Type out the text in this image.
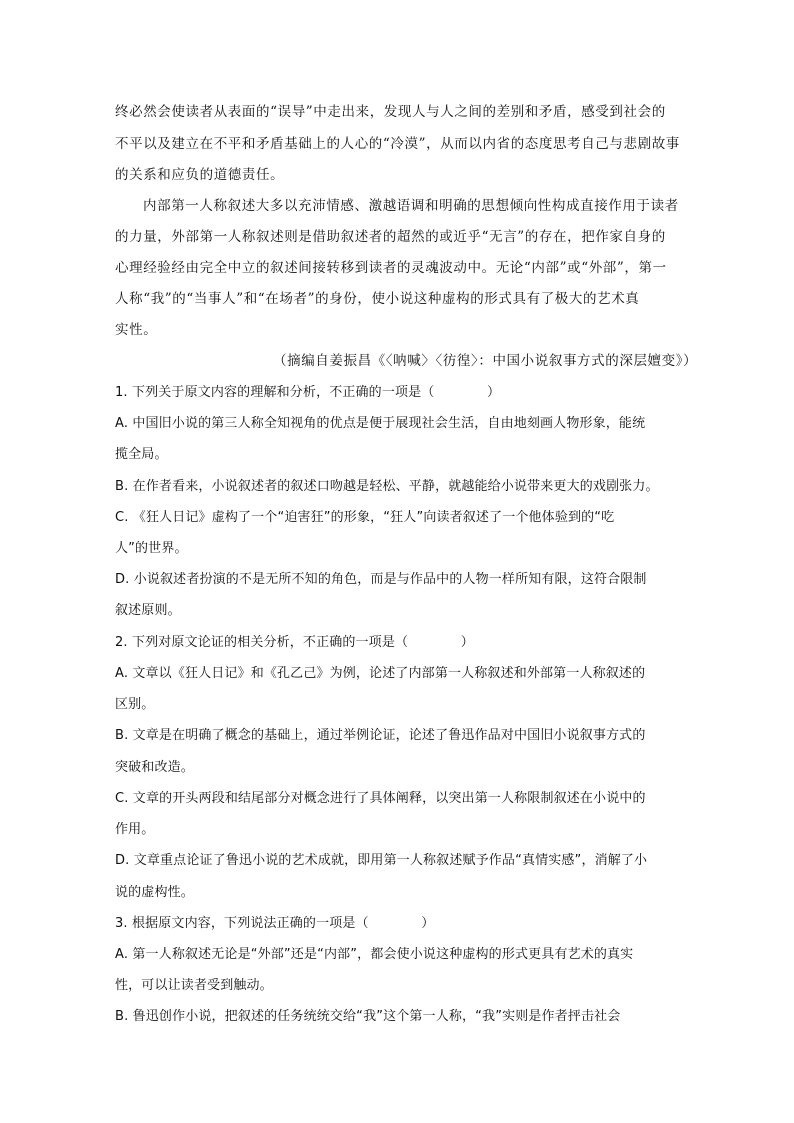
终必然会使读者从表面的“误导”中走出来，发现人与人之间的差别和矛盾，感受到社会的
不平以及建立在不平和矛盾基础上的人心的“冷漠”，从而以内省的态度思考自己与悲剧故事
的关系和应负的道德责任。
内部第一人称叙述大多以充沛情感、激越语调和明确的思想倾向性构成直接作用于读者
的力量，外部第一人称叙述则是借助叙述者的超然的或近乎“无言”的存在，把作家自身的
心理经验经由完全中立的叙述间接转移到读者的灵魂波动中。无论“内部”或“外部”，第一
人称“我”的“当事人”和“在场者”的身份，使小说这种虚构的形式具有了极大的艺术真
实性。
（摘编自姜振昌《〈呐喊〉〈彷徨〉：中国小说叙事方式的深层嬗变》）
1. 下列关于原文内容的理解和分析，不正确的一项是（　　　　）
A. 中国旧小说的第三人称全知视角的优点是便于展现社会生活，自由地刻画人物形象，能统
揽全局。
B. 在作者看来，小说叙述者的叙述口吻越是轻松、平静，就越能给小说带来更大的戏剧张力。
C. 《狂人日记》虚构了一个“迫害狂”的形象，“狂人”向读者叙述了一个他体验到的“吃
人”的世界。
D. 小说叙述者扮演的不是无所不知的角色，而是与作品中的人物一样所知有限，这符合限制
叙述原则。
2. 下列对原文论证的相关分析，不正确的一项是（　　　　）
A. 文章以《狂人日记》和《孔乙己》为例，论述了内部第一人称叙述和外部第一人称叙述的
区别。
B. 文章是在明确了概念的基础上，通过举例论证，论述了鲁迅作品对中国旧小说叙事方式的
突破和改造。
C. 文章的开头两段和结尾部分对概念进行了具体阐释，以突出第一人称限制叙述在小说中的
作用。
D. 文章重点论证了鲁迅小说的艺术成就，即用第一人称叙述赋予作品“真情实感”，消解了小
说的虚构性。
3. 根据原文内容，下列说法正确的一项是（　　　　）
A. 第一人称叙述无论是“外部”还是“内部”，都会使小说这种虚构的形式更具有艺术的真实
性，可以让读者受到触动。
B. 鲁迅创作小说，把叙述的任务统统交给“我”这个第一人称，“我”实则是作者抨击社会
